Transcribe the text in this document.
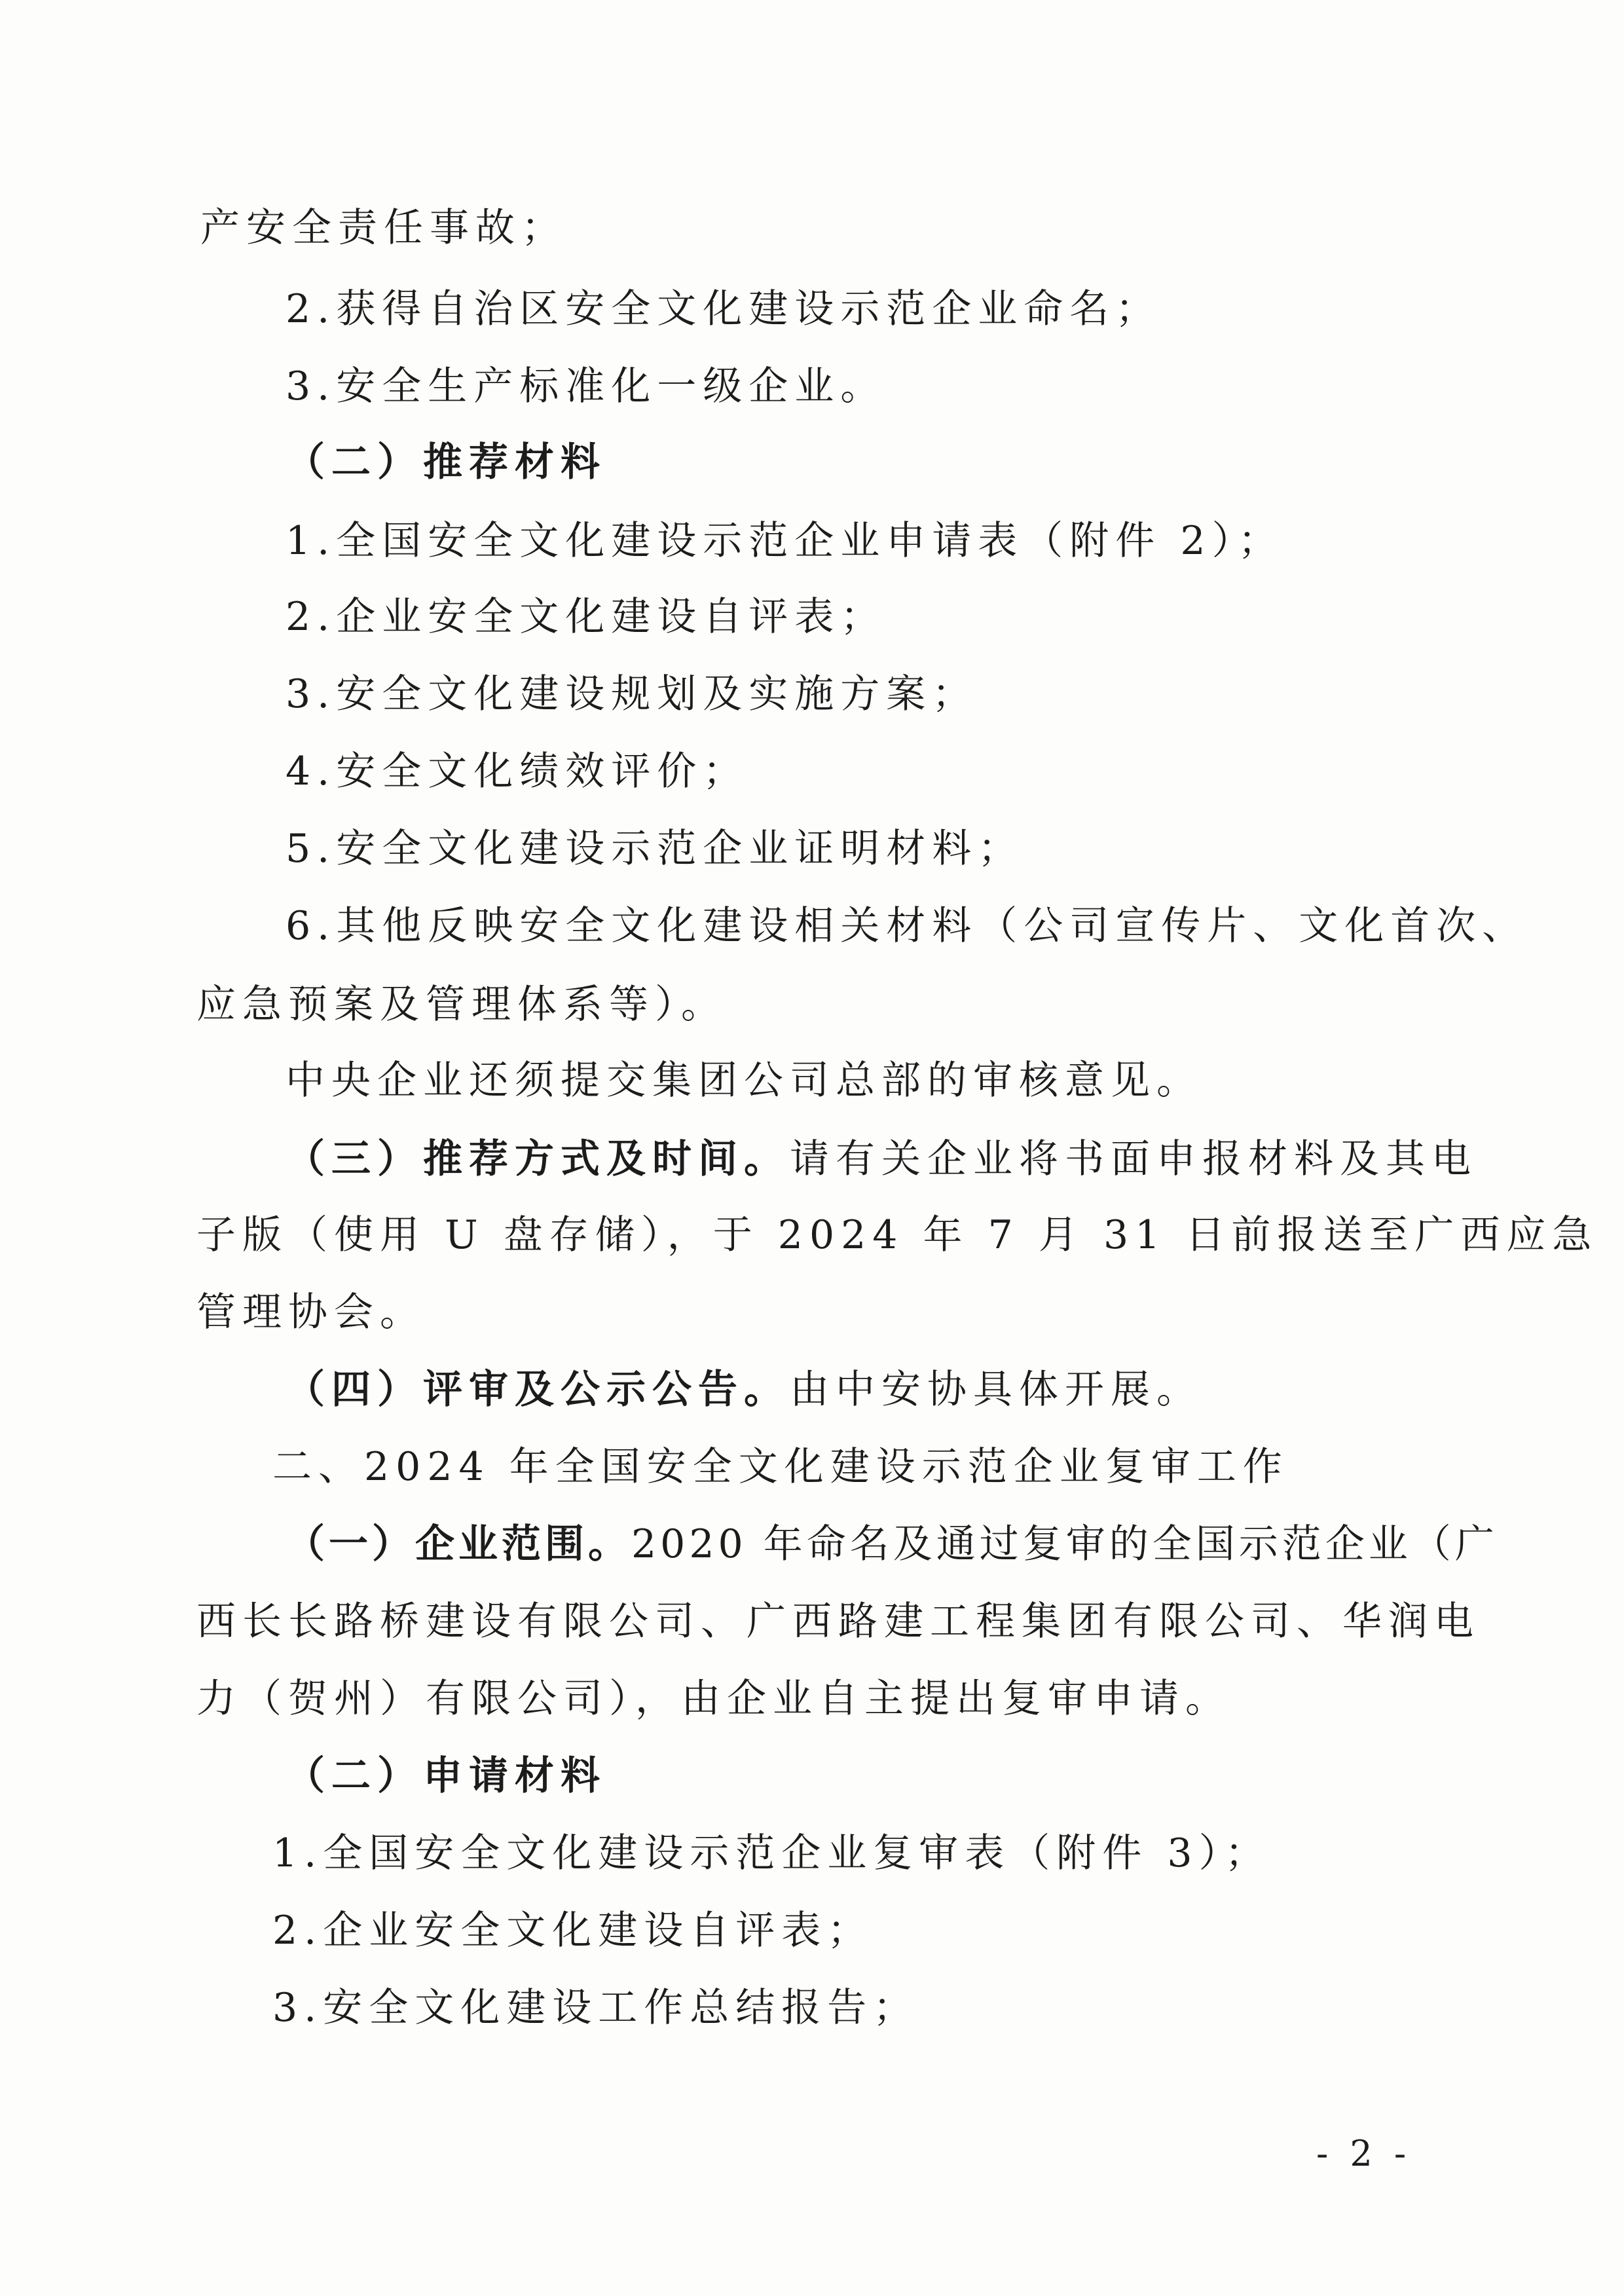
产安全责任事故；
2.获得自治区安全文化建设示范企业命名；
3.安全生产标准化一级企业。
（二）推荐材料
1.全国安全文化建设示范企业申请表（附件 2）；
2.企业安全文化建设自评表；
3.安全文化建设规划及实施方案；
4.安全文化绩效评价；
5.安全文化建设示范企业证明材料；
6.其他反映安全文化建设相关材料（公司宣传片、文化首次、
应急预案及管理体系等）。
中央企业还须提交集团公司总部的审核意见。
（三）推荐方式及时间。请有关企业将书面申报材料及其电
子版（使用 U 盘存储），于 2024 年 7 月 31 日前报送至广西应急
管理协会。
（四）评审及公示公告。由中安协具体开展。
二、2024 年全国安全文化建设示范企业复审工作
（一）企业范围。2020 年命名及通过复审的全国示范企业（广
西长长路桥建设有限公司、广西路建工程集团有限公司、华润电
力（贺州）有限公司），由企业自主提出复审申请。
（二）申请材料
1.全国安全文化建设示范企业复审表（附件 3）；
2.企业安全文化建设自评表；
3.安全文化建设工作总结报告；
- 2 -
